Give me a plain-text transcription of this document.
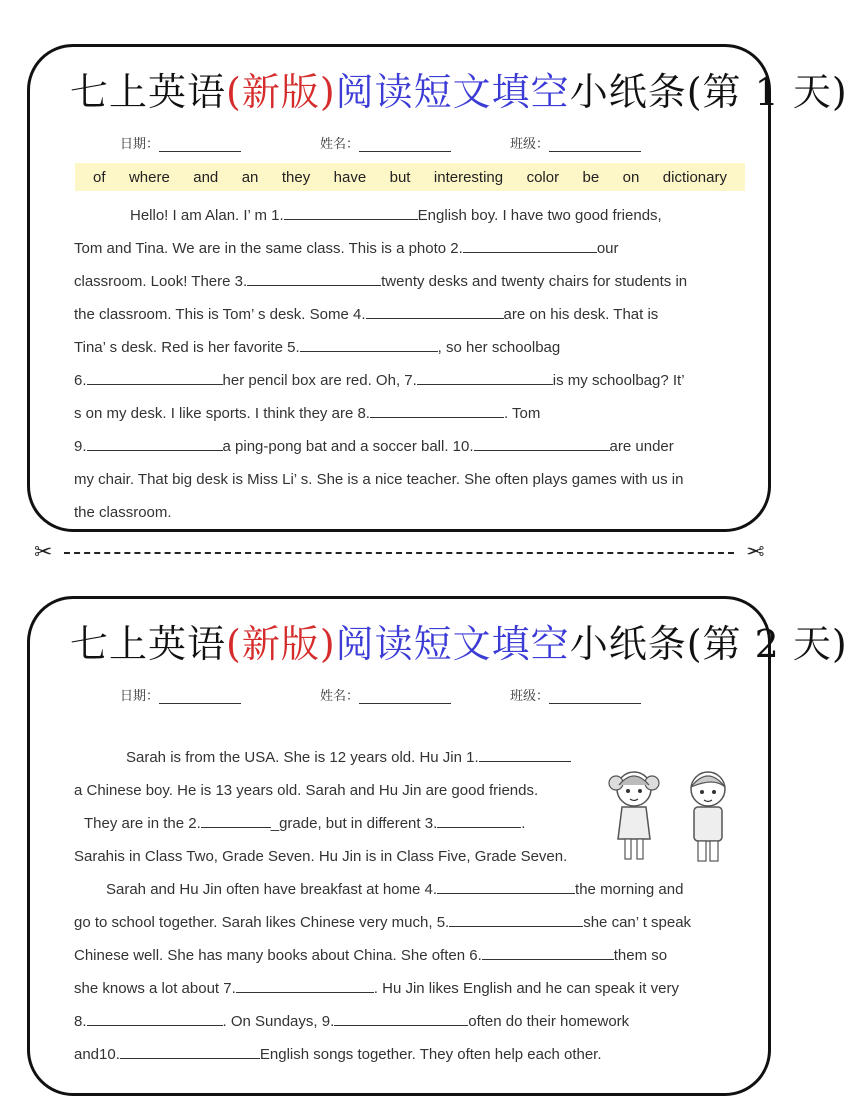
七上英语(新版)阅读短文填空小纸条(第 1 天)
日期：	姓名：	班级：
of where and an they have but interesting color be on dictionary
Hello! I am Alan. I’ m 1.	English boy. I have two good friends,
Tom and Tina. We are in the same class. This is a photo 2.	our
classroom. Look! There 3.	twenty desks and twenty chairs for students in
the classroom. This is Tom’ s desk. Some 4.	are on his desk. That is
Tina’ s desk. Red is her favorite 5.	, so her schoolbag
6.	her pencil box are red. Oh, 7.	is my schoolbag? It’
s on my desk. I like sports. I think they are 8.	. Tom
9.	a ping-pong bat and a soccer ball. 10.	are under
my chair. That big desk is Miss Li’ s. She is a nice teacher. She often plays games with us in
the classroom.
✂	✂
七上英语(新版)阅读短文填空小纸条(第 2 天)
日期：	姓名：	班级：
Sarah is from the USA. She is 12 years old. Hu Jin 1.
a Chinese boy. He is 13 years old. Sarah and Hu Jin are good friends.
They are in the 2.	_grade, but in different 3.	.
Sarahis in Class Two, Grade Seven. Hu Jin is in Class Five, Grade Seven.
Sarah and Hu Jin often have breakfast at home 4.	the morning and
go to school together. Sarah likes Chinese very much, 5.	she can’ t speak
Chinese well. She has many books about China. She often 6.	them so
she knows a lot about 7.	. Hu Jin likes English and he can speak it very
8.	. On Sundays, 9.	often do their homework
and10.	English songs together. They often help each other.
